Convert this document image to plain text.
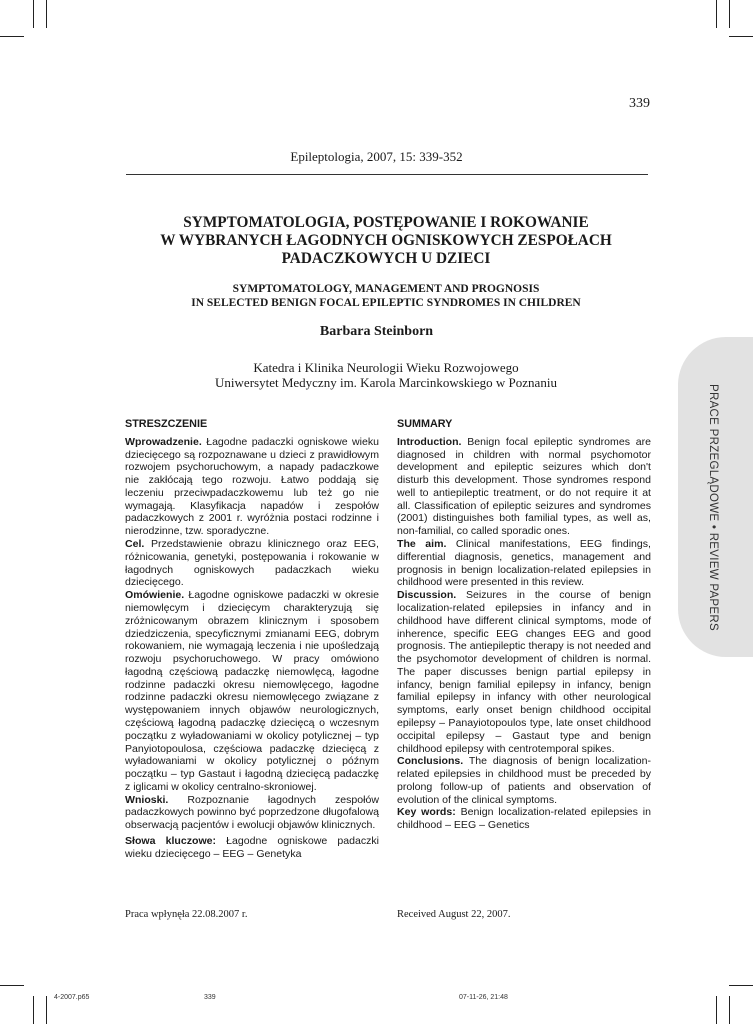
339
Epileptologia, 2007, 15: 339-352
SYMPTOMATOLOGIA, POSTĘPOWANIE I ROKOWANIE
W WYBRANYCH ŁAGODNYCH OGNISKOWYCH ZESPOŁACH
PADACZKOWYCH U DZIECI
SYMPTOMATOLOGY, MANAGEMENT AND PROGNOSIS
IN SELECTED BENIGN FOCAL EPILEPTIC SYNDROMES IN CHILDREN
Barbara Steinborn
Katedra i Klinika Neurologii Wieku Rozwojowego
Uniwersytet Medyczny im. Karola Marcinkowskiego w Poznaniu
PRACE PRZEGLĄDOWE • REVIEW PAPERS
STRESZCZENIE

Wprowadzenie. Łagodne padaczki ogniskowe wieku dziecięcego są rozpoznawane u dzieci z prawidłowym rozwojem psychoruchowym, a napady padaczkowe nie zakłócają tego rozwoju. Łatwo poddają się leczeniu przeciwpadaczkowemu lub też go nie wymagają. Klasyfikacja napadów i zespołów padaczkowych z 2001 r. wyróżnia postaci rodzinne i nierodzinne, tzw. sporadyczne.

Cel. Przedstawienie obrazu klinicznego oraz EEG, różnicowania, genetyki, postępowania i rokowanie w łagodnych ogniskowych padaczkach wieku dziecięcego.

Omówienie. Łagodne ogniskowe padaczki w okresie niemowlęcym i dziecięcym charakteryzują się zróżnicowanym obrazem klinicznym i sposobem dziedziczenia, specyficznymi zmianami EEG, dobrym rokowaniem, nie wymagają leczenia i nie upośledzają rozwoju psychoruchowego. W pracy omówiono łagodną częściową padaczkę niemowlęcą, łagodne rodzinne padaczki okresu niemowlęcego, łagodne rodzinne padaczki okresu niemowlęcego związane z występowaniem innych objawów neurologicznych, częściową łagodną padaczkę dziecięcą o wczesnym początku z wyładowaniami w okolicy potylicznej – typ Panyiotopoulosa, częściowa padaczkę dziecięcą z wyładowaniami w okolicy potylicznej o późnym początku – typ Gastaut i łagodną dziecięcą padaczkę z iglicami w okolicy centralno-skroniowej.

Wnioski. Rozpoznanie łagodnych zespołów padaczkowych powinno być poprzedzone długofalową obserwacją pacjentów i ewolucji objawów klinicznych.

Słowa kluczowe: Łagodne ogniskowe padaczki wieku dziecięcego – EEG – Genetyka

SUMMARY

Introduction. Benign focal epileptic syndromes are diagnosed in children with normal psychomotor development and epileptic seizures which don't disturb this development. Those syndromes respond well to antiepileptic treatment, or do not require it at all. Classification of epileptic seizures and syndromes (2001) distinguishes both familial types, as well as, non-familial, co called sporadic ones.

The aim. Clinical manifestations, EEG findings, differential diagnosis, genetics, management and prognosis in benign localization-related epilepsies in childhood were presented in this review.

Discussion. Seizures in the course of benign localization-related epilepsies in infancy and in childhood have different clinical symptoms, mode of inherence, specific EEG changes EEG and good prognosis. The antiepileptic therapy is not needed and the psychomotor development of children is normal. The paper discusses benign partial epilepsy in infancy, benign familial epilepsy in infancy, benign familial epilepsy in infancy with other neurological symptoms, early onset benign childhood occipital epilepsy – Panayiotopoulos type, late onset childhood occipital epilepsy – Gastaut type and benign childhood epilepsy with centrotemporal spikes.

Conclusions. The diagnosis of benign localization-related epilepsies in childhood must be preceded by prolong follow-up of patients and observation of evolution of the clinical symptoms.

Key words: Benign localization-related epilepsies in childhood – EEG – Genetics

Praca wpłynęła 22.08.2007 r.	Received August 22, 2007.
4-2007.p65	339	07-11-26, 21:48
